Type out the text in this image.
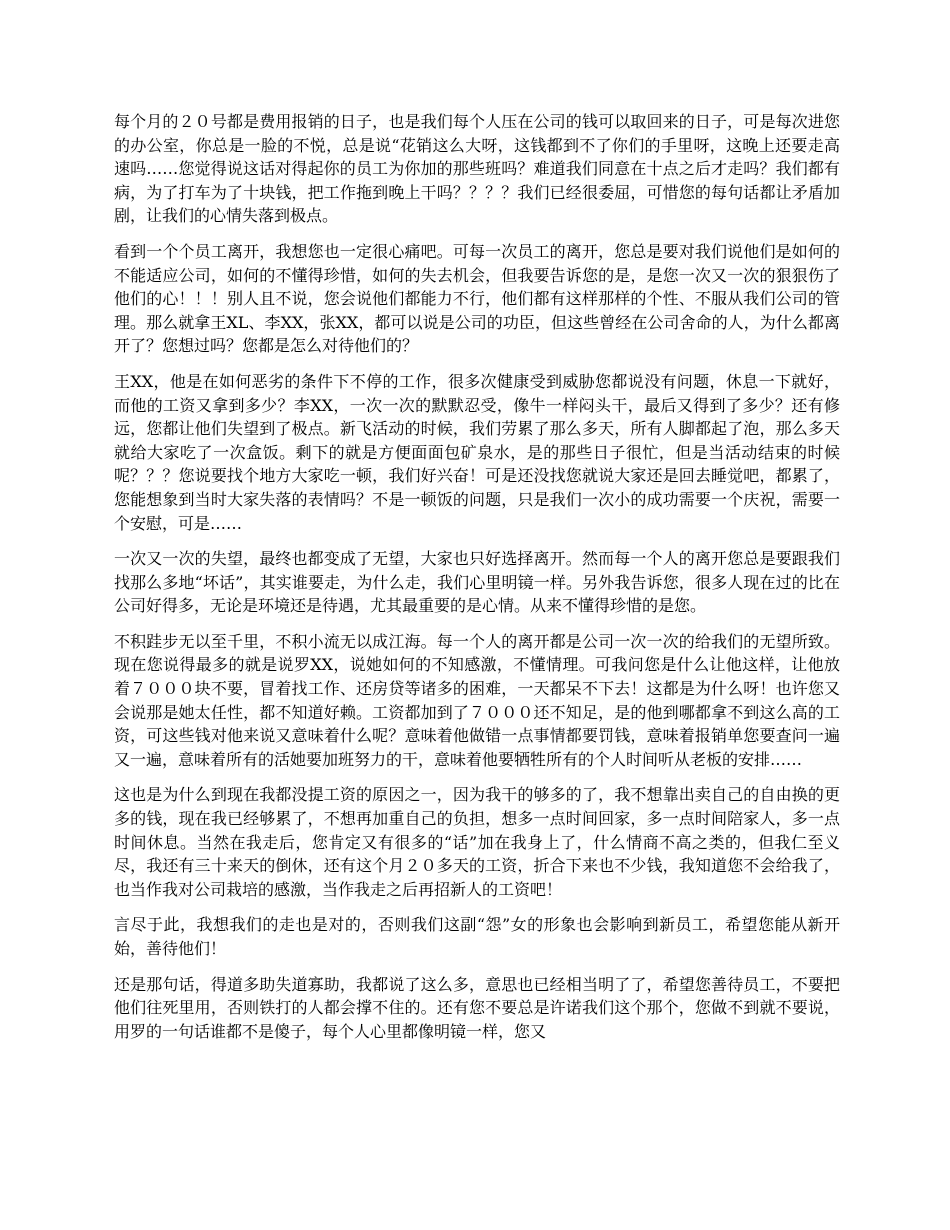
每个月的２０号都是费用报销的日子，也是我们每个人压在公司的钱可以取回来的日子，可是每次进您的办公室，你总是一脸的不悦，总是说“花销这么大呀，这钱都到不了你们的手里呀，这晚上还要走高速吗……您觉得说这话对得起你的员工为你加的那些班吗？难道我们同意在十点之后才走吗？我们都有病，为了打车为了十块钱，把工作拖到晚上干吗？？？？我们已经很委屈，可惜您的每句话都让矛盾加剧，让我们的心情失落到极点。

看到一个个员工离开，我想您也一定很心痛吧。可每一次员工的离开，您总是要对我们说他们是如何的不能适应公司，如何的不懂得珍惜，如何的失去机会，但我要告诉您的是，是您一次又一次的狠狠伤了他们的心！！！别人且不说，您会说他们都能力不行，他们都有这样那样的个性、不服从我们公司的管理。那么就拿王XL、李XX，张XX，都可以说是公司的功臣，但这些曾经在公司舍命的人，为什么都离开了？您想过吗？您都是怎么对待他们的？

王XX，他是在如何恶劣的条件下不停的工作，很多次健康受到威胁您都说没有问题，休息一下就好，而他的工资又拿到多少？李XX，一次一次的默默忍受，像牛一样闷头干，最后又得到了多少？还有修远，您都让他们失望到了极点。新飞活动的时候，我们劳累了那么多天，所有人脚都起了泡，那么多天就给大家吃了一次盒饭。剩下的就是方便面面包矿泉水，是的那些日子很忙，但是当活动结束的时候呢？？？您说要找个地方大家吃一顿，我们好兴奋！可是还没找您就说大家还是回去睡觉吧，都累了，您能想象到当时大家失落的表情吗？不是一顿饭的问题，只是我们一次小的成功需要一个庆祝，需要一个安慰，可是……

一次又一次的失望，最终也都变成了无望，大家也只好选择离开。然而每一个人的离开您总是要跟我们找那么多地“坏话”，其实谁要走，为什么走，我们心里明镜一样。另外我告诉您，很多人现在过的比在公司好得多，无论是环境还是待遇，尤其最重要的是心情。从来不懂得珍惜的是您。

不积跬步无以至千里，不积小流无以成江海。每一个人的离开都是公司一次一次的给我们的无望所致。现在您说得最多的就是说罗XX，说她如何的不知感激，不懂情理。可我问您是什么让他这样，让他放着７０００块不要，冒着找工作、还房贷等诸多的困难，一天都呆不下去！这都是为什么呀！也许您又会说那是她太任性，都不知道好赖。工资都加到了７０００还不知足，是的他到哪都拿不到这么高的工资，可这些钱对他来说又意味着什么呢？意味着他做错一点事情都要罚钱，意味着报销单您要查问一遍又一遍，意味着所有的活她要加班努力的干，意味着他要牺牲所有的个人时间听从老板的安排……

这也是为什么到现在我都没提工资的原因之一，因为我干的够多的了，我不想靠出卖自己的自由换的更多的钱，现在我已经够累了，不想再加重自己的负担，想多一点时间回家，多一点时间陪家人，多一点时间休息。当然在我走后，您肯定又有很多的“话”加在我身上了，什么情商不高之类的，但我仁至义尽，我还有三十来天的倒休，还有这个月２０多天的工资，折合下来也不少钱，我知道您不会给我了，也当作我对公司栽培的感激，当作我走之后再招新人的工资吧！

言尽于此，我想我们的走也是对的，否则我们这副“怨”女的形象也会影响到新员工，希望您能从新开始，善待他们！

还是那句话，得道多助失道寡助，我都说了这么多，意思也已经相当明了了，希望您善待员工，不要把他们往死里用，否则铁打的人都会撑不住的。还有您不要总是许诺我们这个那个，您做不到就不要说，用罗的一句话谁都不是傻子，每个人心里都像明镜一样，您又
